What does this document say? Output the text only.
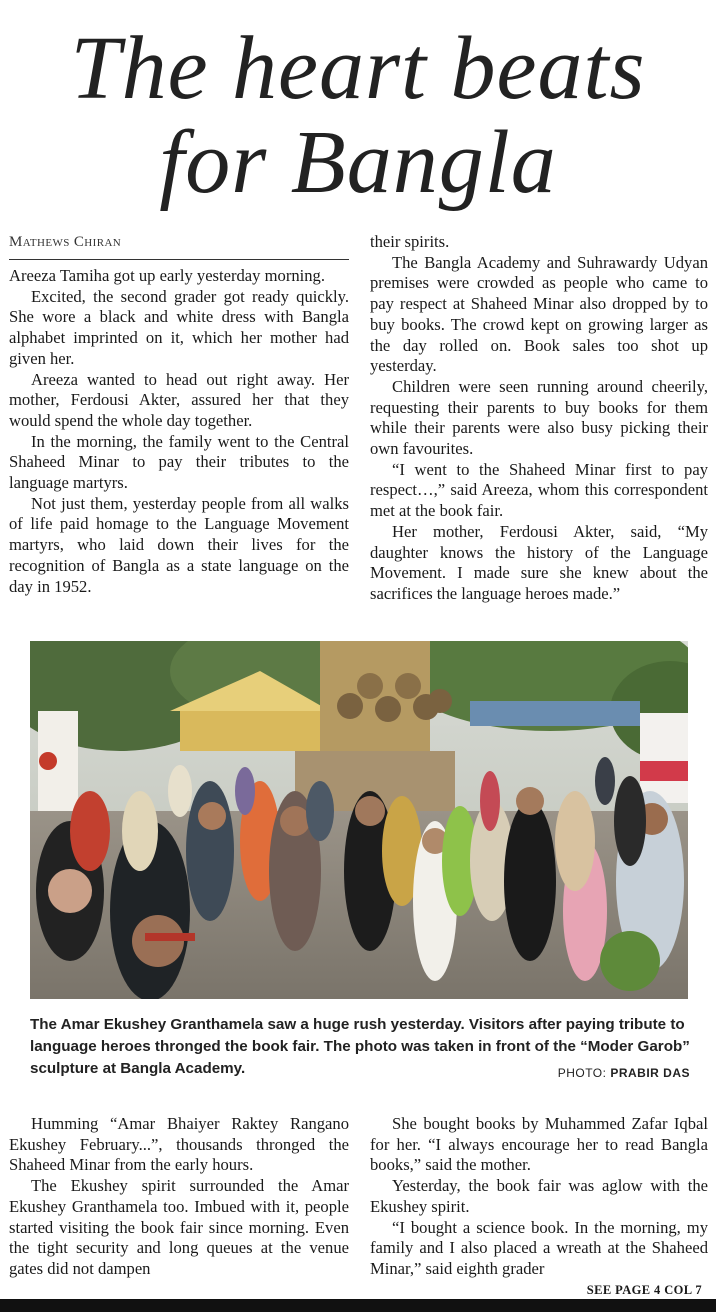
The heart beats
for Bangla
Mathews Chiran

Areeza Tamiha got up early yesterday morning.

Excited, the second grader got ready quickly. She wore a black and white dress with Bangla alphabet imprinted on it, which her mother had given her.

Areeza wanted to head out right away. Her mother, Ferdousi Akter, assured her that they would spend the whole day together.

In the morning, the family went to the Central Shaheed Minar to pay their tributes to the language martyrs.

Not just them, yesterday people from all walks of life paid homage to the Language Movement martyrs, who laid down their lives for the recognition of Bangla as a state language on the day in 1952.

their spirits.

The Bangla Academy and Suhrawardy Udyan premises were crowded as people who came to pay respect at Shaheed Minar also dropped by to buy books. The crowd kept on growing larger as the day rolled on. Book sales too shot up yesterday.

Children were seen running around cheerily, requesting their parents to buy books for them while their parents were also busy picking their own favourites.

“I went to the Shaheed Minar first to pay respect…,” said Areeza, whom this correspondent met at the book fair.

Her mother, Ferdousi Akter, said, “My daughter knows the history of the Language Movement. I made sure she knew about the sacrifices the language heroes made.”

The Amar Ekushey Granthamela saw a huge rush yesterday. Visitors after paying tribute to language heroes thronged the book fair. The photo was taken in front of the “Moder Garob” sculpture at Bangla Academy.	PHOTO: PRABIR DAS

Humming “Amar Bhaiyer Raktey Rangano Ekushey February...”, thousands thronged the Shaheed Minar from the early hours.

The Ekushey spirit surrounded the Amar Ekushey Granthamela too. Imbued with it, people started visiting the book fair since morning. Even the tight security and long queues at the venue gates did not dampen

She bought books by Muhammed Zafar Iqbal for her. “I always encourage her to read Bangla books,” said the mother.

Yesterday, the book fair was aglow with the Ekushey spirit.

“I bought a science book. In the morning, my family and I also placed a wreath at the Shaheed Minar,” said eighth grader

SEE PAGE 4 COL 7
